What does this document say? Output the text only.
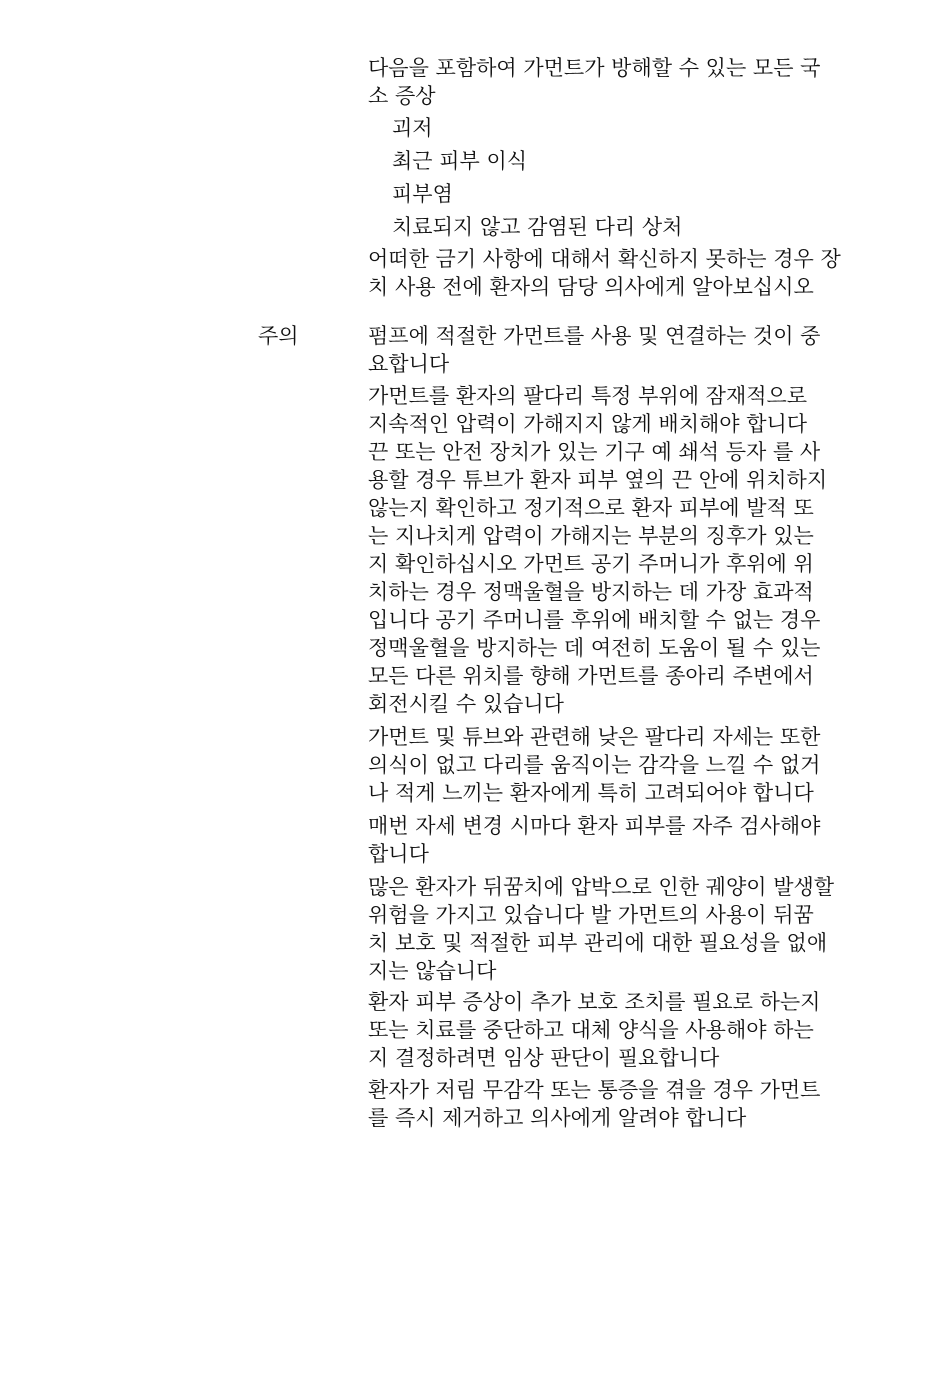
다음을 포함하여 가먼트가 방해할 수 있는 모든 국
소 증상
괴저
최근 피부 이식
피부염
치료되지 않고 감염된 다리 상처
어떠한 금기 사항에 대해서 확신하지 못하는 경우 장
치 사용 전에 환자의 담당 의사에게 알아보십시오
주의	펌프에 적절한 가먼트를 사용 및 연결하는 것이 중
요합니다
가먼트를 환자의 팔다리 특정 부위에 잠재적으로
지속적인 압력이 가해지지 않게 배치해야 합니다
끈 또는 안전 장치가 있는 기구 예 쇄석 등자 를 사
용할 경우 튜브가 환자 피부 옆의 끈 안에 위치하지
않는지 확인하고 정기적으로 환자 피부에 발적 또
는 지나치게 압력이 가해지는 부분의 징후가 있는
지 확인하십시오 가먼트 공기 주머니가 후위에 위
치하는 경우 정맥울혈을 방지하는 데 가장 효과적
입니다 공기 주머니를 후위에 배치할 수 없는 경우
정맥울혈을 방지하는 데 여전히 도움이 될 수 있는
모든 다른 위치를 향해 가먼트를 종아리 주변에서
회전시킬 수 있습니다
가먼트 및 튜브와 관련해 낮은 팔다리 자세는 또한
의식이 없고 다리를 움직이는 감각을 느낄 수 없거
나 적게 느끼는 환자에게 특히 고려되어야 합니다
매번 자세 변경 시마다 환자 피부를 자주 검사해야
합니다
많은 환자가 뒤꿈치에 압박으로 인한 궤양이 발생할
위험을 가지고 있습니다 발 가먼트의 사용이 뒤꿈
치 보호 및 적절한 피부 관리에 대한 필요성을 없애
지는 않습니다
환자 피부 증상이 추가 보호 조치를 필요로 하는지
또는 치료를 중단하고 대체 양식을 사용해야 하는
지 결정하려면 임상 판단이 필요합니다
환자가 저림 무감각 또는 통증을 겪을 경우 가먼트
를 즉시 제거하고 의사에게 알려야 합니다
